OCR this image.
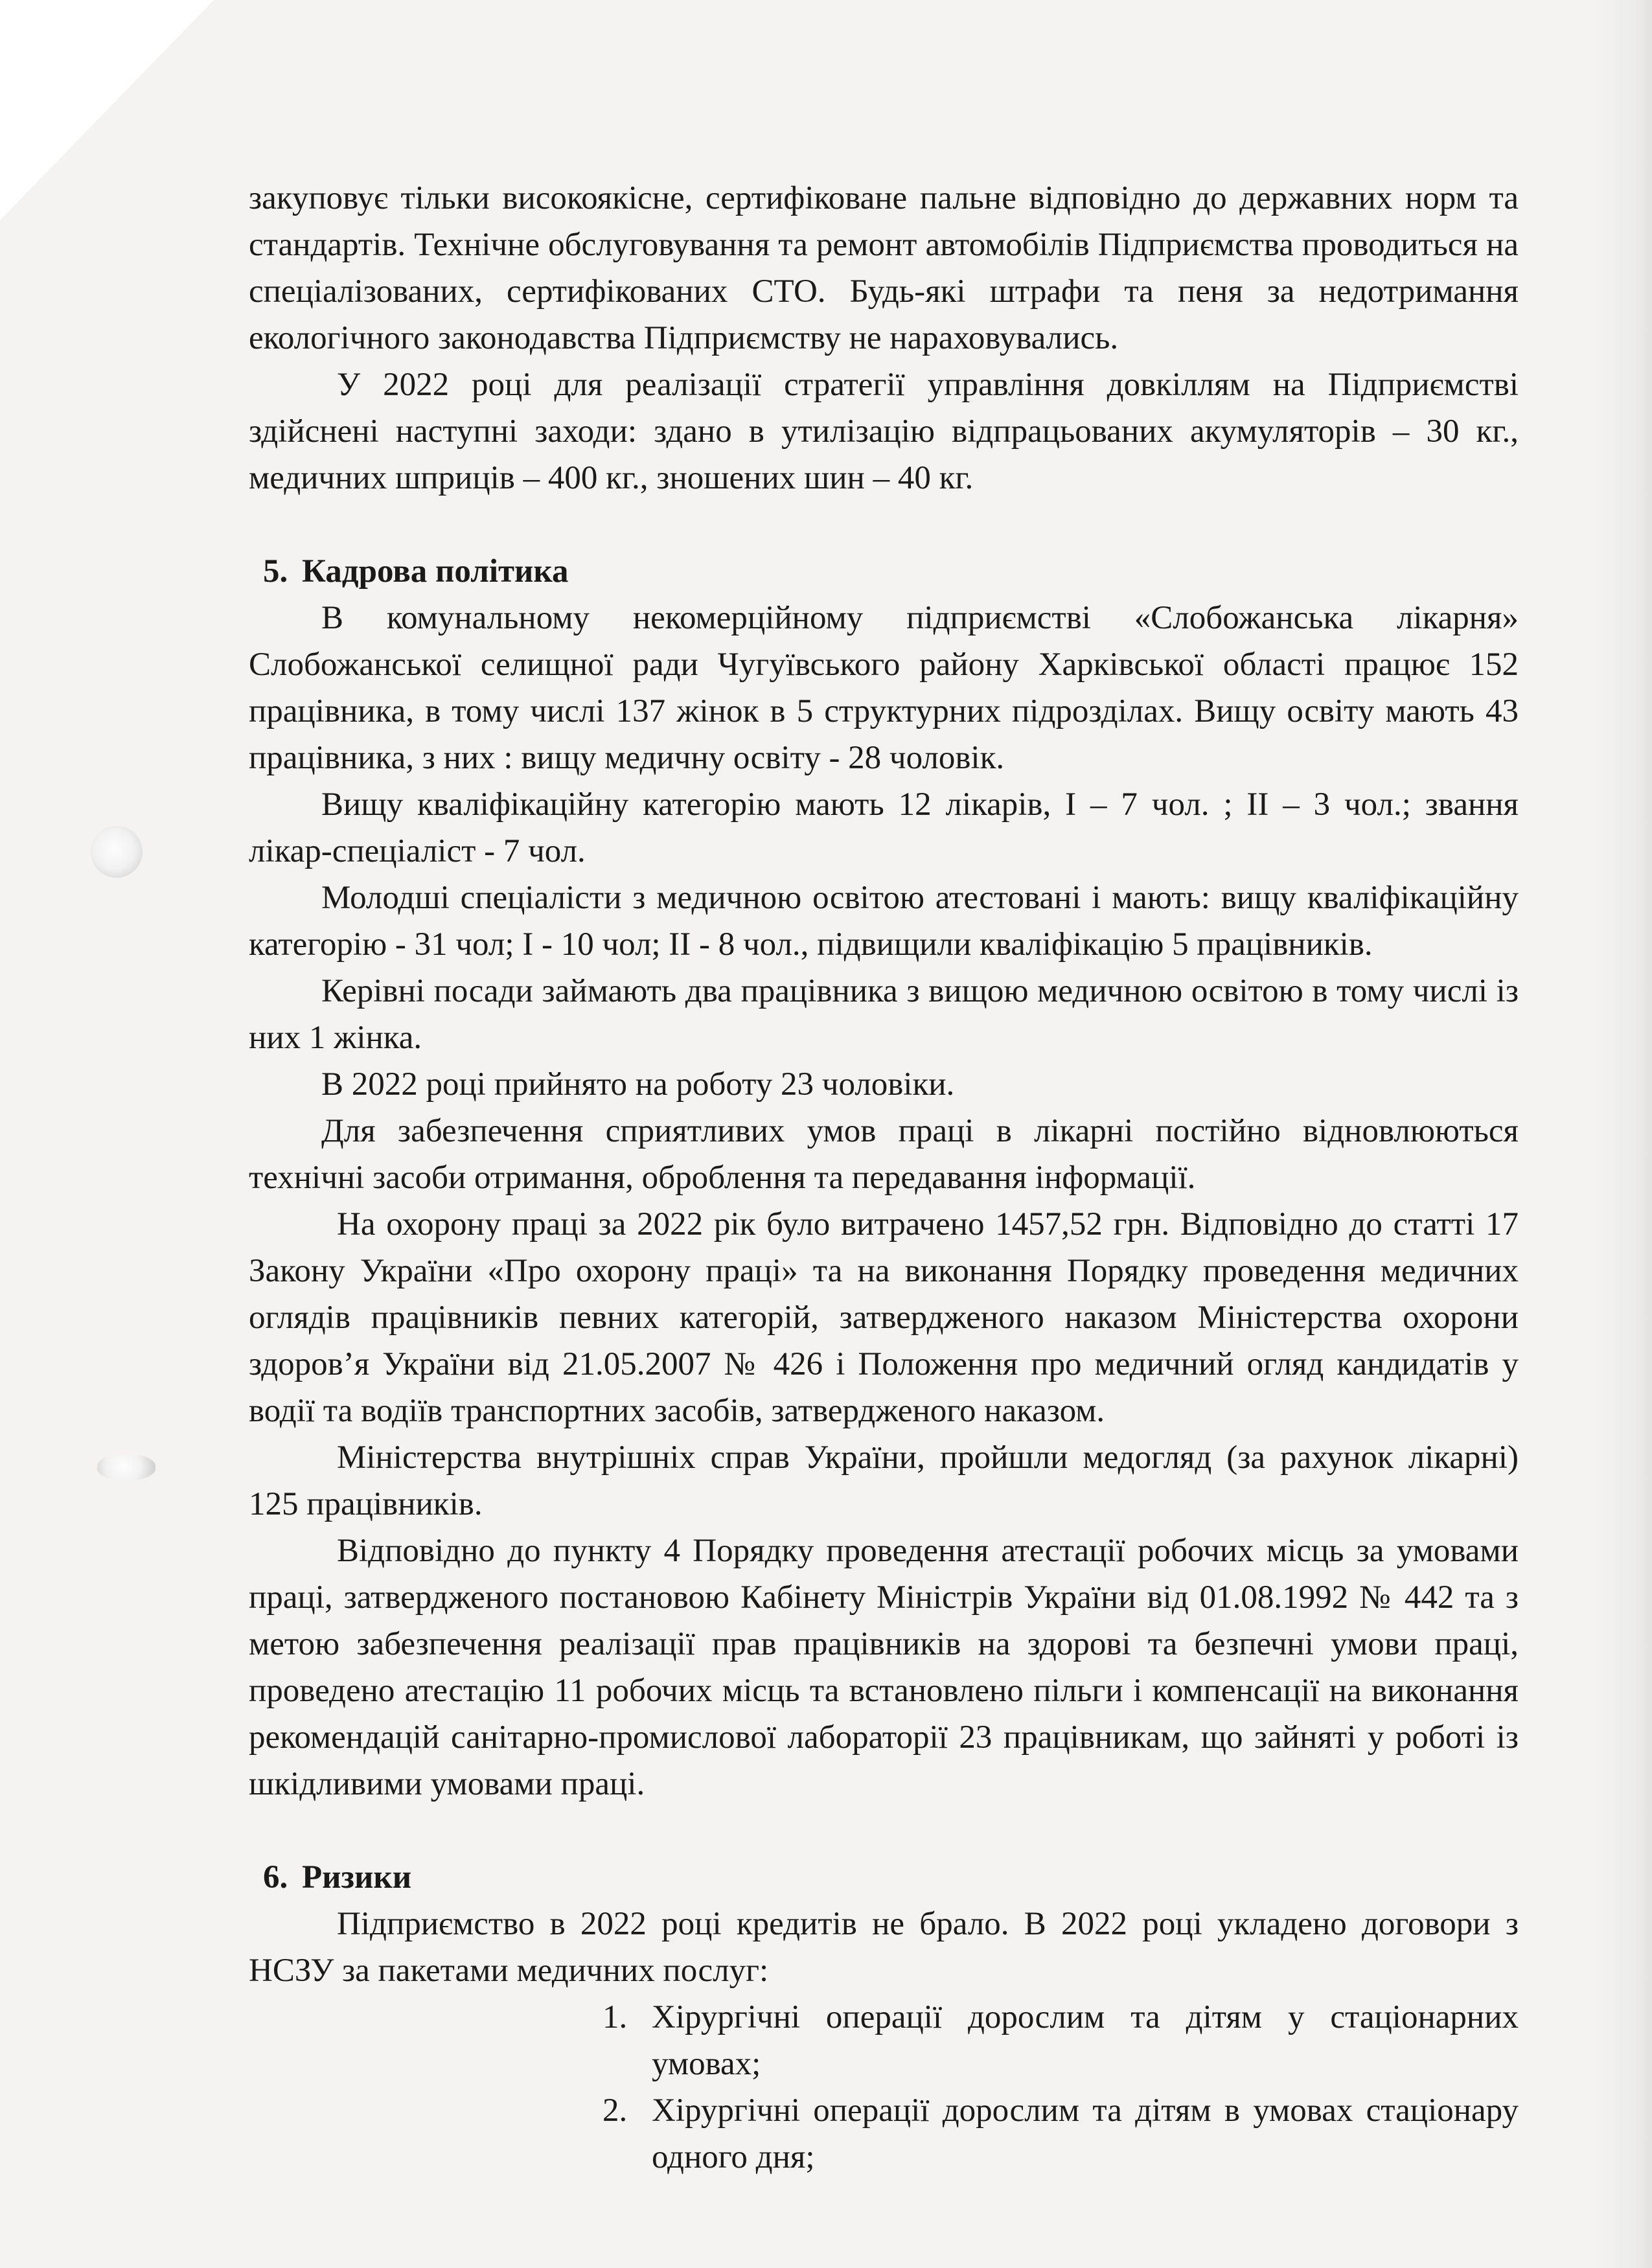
закуповує тільки високоякісне, сертифіковане пальне відповідно до державних норм та стандартів. Технічне обслуговування та ремонт автомобілів Підприємства проводиться на спеціалізованих, сертифікованих СТО. Будь-які штрафи та пеня за недотримання екологічного законодавства Підприємству не нараховувались.

У 2022 році для реалізації стратегії управління довкіллям на Підприємстві здійснені наступні заходи: здано в утилізацію відпрацьованих акумуляторів – 30 кг., медичних шприців – 400 кг., зношених шин – 40 кг.

5. Кадрова політика

В комунальному некомерційному підприємстві «Слобожанська лікарня» Слобожанської селищної ради Чугуївського району Харківської області працює 152 працівника, в тому числі 137 жінок в 5 структурних підрозділах. Вищу освіту мають 43 працівника, з них : вищу медичну освіту - 28 чоловік.

Вищу кваліфікаційну категорію мають 12 лікарів, І – 7 чол. ; ІІ – 3 чол.; звання лікар-спеціаліст - 7 чол.

Молодші спеціалісти з медичною освітою атестовані і мають: вищу кваліфікаційну категорію - 31 чол; І - 10 чол; ІІ - 8 чол., підвищили кваліфікацію 5 працівників.

Керівні посади займають два працівника з вищою медичною освітою в тому числі із них 1 жінка.

В 2022 році прийнято на роботу 23 чоловіки.

Для забезпечення сприятливих умов праці в лікарні постійно відновлюються технічні засоби отримання, оброблення та передавання інформації.

На охорону праці за 2022 рік було витрачено 1457,52 грн. Відповідно до статті 17 Закону України «Про охорону праці» та на виконання Порядку проведення медичних оглядів працівників певних категорій, затвердженого наказом Міністерства охорони здоров’я України від 21.05.2007 № 426 і Положення про медичний огляд кандидатів у водії та водіїв транспортних засобів, затвердженого наказом.

Міністерства внутрішніх справ України, пройшли медогляд (за рахунок лікарні) 125 працівників.

Відповідно до пункту 4 Порядку проведення атестації робочих місць за умовами праці, затвердженого постановою Кабінету Міністрів України від 01.08.1992 № 442 та з метою забезпечення реалізації прав працівників на здорові та безпечні умови праці, проведено атестацію 11 робочих місць та встановлено пільги і компенсації на виконання рекомендацій санітарно-промислової лабораторії 23 працівникам, що зайняті у роботі із шкідливими умовами праці.

6. Ризики

Підприємство в 2022 році кредитів не брало. В 2022 році укладено договори з НСЗУ за пакетами медичних послуг:

1. Хірургічні операції дорослим та дітям у стаціонарних умовах;
2. Хірургічні операції дорослим та дітям в умовах стаціонару одного дня;
